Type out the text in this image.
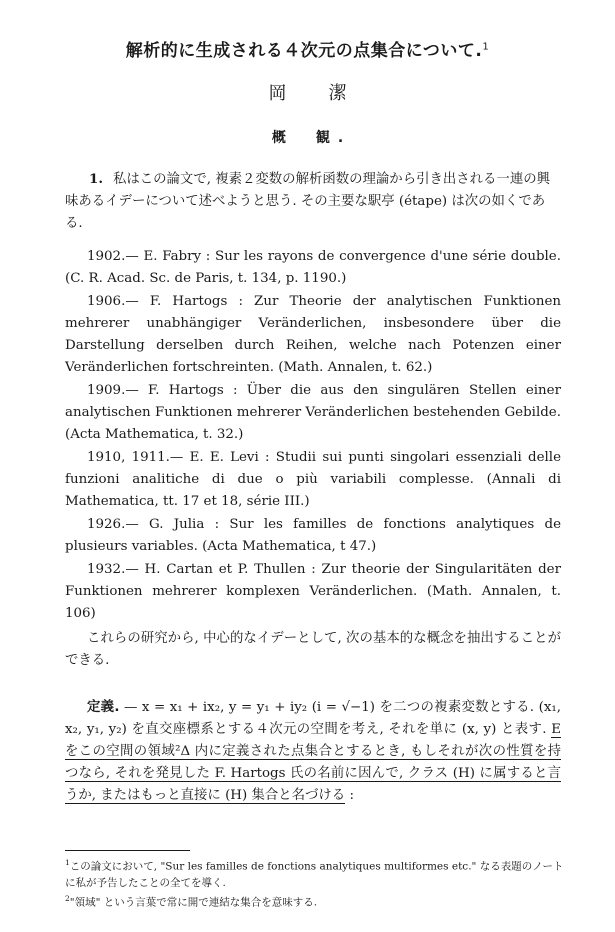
解析的に生成される４次元の点集合について.$^1$
岡　潔
概　観.
1. 私はこの論文で, 複素２変数の解析函数の理論から引き出される一連の興味あるイデーについて述べようと思う. その主要な駅亭 (étape) は次の如くである.
1902.— E. Fabry : Sur les rayons de convergence d'une série double. (C. R. Acad. Sc. de Paris, t. 134, p. 1190.)
1906.— F. Hartogs : Zur Theorie der analytischen Funktionen mehrerer unabhängiger Veränderlichen, insbesondere über die Darstellung derselben durch Reihen, welche nach Potenzen einer Veränderlichen fortschreinten. (Math. Annalen, t. 62.)
1909.— F. Hartogs : Über die aus den singulären Stellen einer analytischen Funktionen mehrerer Veränderlichen bestehenden Gebilde. (Acta Mathematica, t. 32.)
1910, 1911.— E. E. Levi : Studii sui punti singolari essenziali delle funzioni analitiche di due o più variabili complesse. (Annali di Mathematica, tt. 17 et 18, série III.)
1926.— G. Julia : Sur les familles de fonctions analytiques de plusieurs variables. (Acta Mathematica, t 47.)
1932.— H. Cartan et P. Thullen : Zur theorie der Singularitäten der Funktionen mehrerer komplexen Veränderlichen. (Math. Annalen, t. 106)

これらの研究から, 中心的なイデーとして, 次の基本的な概念を抽出することができる.

定義. — x = x₁ + ix₂, y = y₁ + iy₂ (i = √−1) を二つの複素変数とする. (x₁, x₂, y₁, y₂) を直交座標系とする４次元の空間を考え, それを単に (x, y) と表す. E をこの空間の領域²Δ 内に定義された点集合とするとき, もしそれが次の性質を持つなら, それを発見した F. Hartogs 氏の名前に因んで, クラス (H) に属すると言うか, またはもっと直接に (H) 集合と名づける :

$^1$この論文において, "Sur les familles de fonctions analytiques multiformes etc." なる表題のノートに私が予告したことの全てを導く.
$^2$"領域" という言葉で常に開で連結な集合を意味する.
